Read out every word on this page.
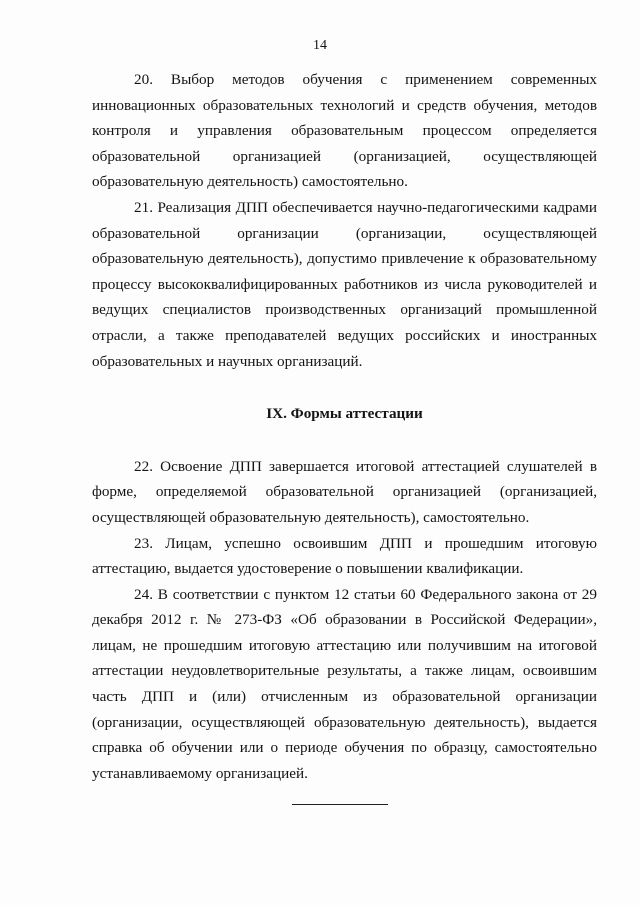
14

20. Выбор методов обучения с применением современных инновационных образовательных технологий и средств обучения, методов контроля и управления образовательным процессом определяется образовательной организацией (организацией, осуществляющей образовательную деятельность) самостоятельно.

21. Реализация ДПП обеспечивается научно-педагогическими кадрами образовательной организации (организации, осуществляющей образовательную деятельность), допустимо привлечение к образовательному процессу высококвалифицированных работников из числа руководителей и ведущих специалистов производственных организаций промышленной отрасли, а также преподавателей ведущих российских и иностранных образовательных и научных организаций.

IX. Формы аттестации

22. Освоение ДПП завершается итоговой аттестацией слушателей в форме, определяемой образовательной организацией (организацией, осуществляющей образовательную деятельность), самостоятельно.

23. Лицам, успешно освоившим ДПП и прошедшим итоговую аттестацию, выдается удостоверение о повышении квалификации.

24. В соответствии с пунктом 12 статьи 60 Федерального закона от 29 декабря 2012 г. № 273-ФЗ «Об образовании в Российской Федерации», лицам, не прошедшим итоговую аттестацию или получившим на итоговой аттестации неудовлетворительные результаты, а также лицам, освоившим часть ДПП и (или) отчисленным из образовательной организации (организации, осуществляющей образовательную деятельность), выдается справка об обучении или о периоде обучения по образцу, самостоятельно устанавливаемому организацией.
